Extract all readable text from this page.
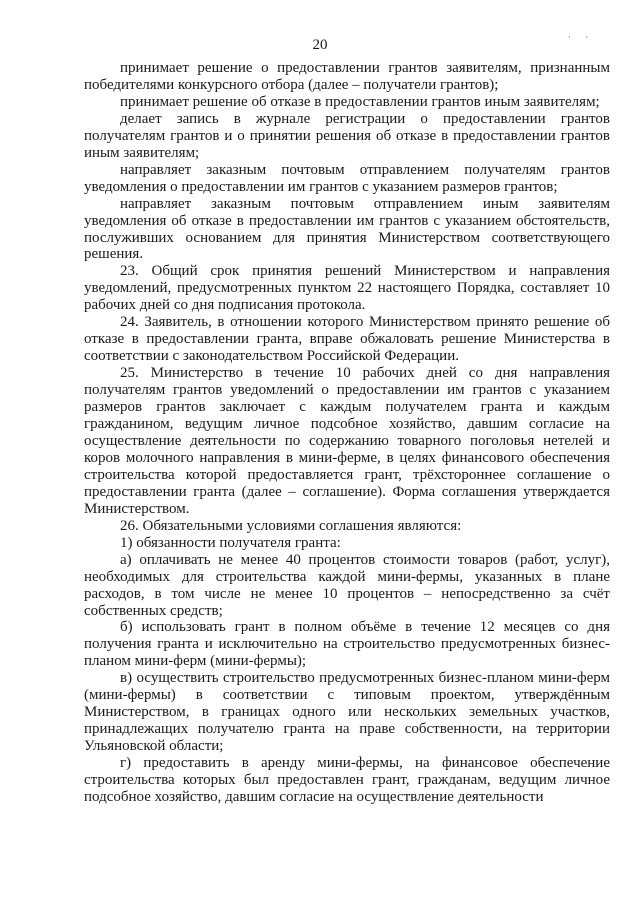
20	· ·

принимает решение о предоставлении грантов заявителям, признанным победителями конкурсного отбора (далее – получатели грантов);

принимает решение об отказе в предоставлении грантов иным заявителям;

делает запись в журнале регистрации о предоставлении грантов получателям грантов и о принятии решения об отказе в предоставлении грантов иным заявителям;

направляет заказным почтовым отправлением получателям грантов уведомления о предоставлении им грантов с указанием размеров грантов;

направляет заказным почтовым отправлением иным заявителям уведомления об отказе в предоставлении им грантов с указанием обстоятельств, послуживших основанием для принятия Министерством соответствующего решения.

23. Общий срок принятия решений Министерством и направления уведомлений, предусмотренных пунктом 22 настоящего Порядка, составляет 10 рабочих дней со дня подписания протокола.

24. Заявитель, в отношении которого Министерством принято решение об отказе в предоставлении гранта, вправе обжаловать решение Министерства в соответствии с законодательством Российской Федерации.

25. Министерство в течение 10 рабочих дней со дня направления получателям грантов уведомлений о предоставлении им грантов с указанием размеров грантов заключает с каждым получателем гранта и каждым гражданином, ведущим личное подсобное хозяйство, давшим согласие на осуществление деятельности по содержанию товарного поголовья нетелей и коров молочного направления в мини-ферме, в целях финансового обеспечения строительства которой предоставляется грант, трёхстороннее соглашение о предоставлении гранта (далее – соглашение). Форма соглашения утверждается Министерством.

26. Обязательными условиями соглашения являются:

1) обязанности получателя гранта:

а) оплачивать не менее 40 процентов стоимости товаров (работ, услуг), необходимых для строительства каждой мини-фермы, указанных в плане расходов, в том числе не менее 10 процентов – непосредственно за счёт собственных средств;

б) использовать грант в полном объёме в течение 12 месяцев со дня получения гранта и исключительно на строительство предусмотренных бизнес-планом мини-ферм (мини-фермы);

в) осуществить строительство предусмотренных бизнес-планом мини-ферм (мини-фермы) в соответствии с типовым проектом, утверждённым Министерством, в границах одного или нескольких земельных участков, принадлежащих получателю гранта на праве собственности, на территории Ульяновской области;

г) предоставить в аренду мини-фермы, на финансовое обеспечение строительства которых был предоставлен грант, гражданам, ведущим личное подсобное хозяйство, давшим согласие на осуществление деятельности
